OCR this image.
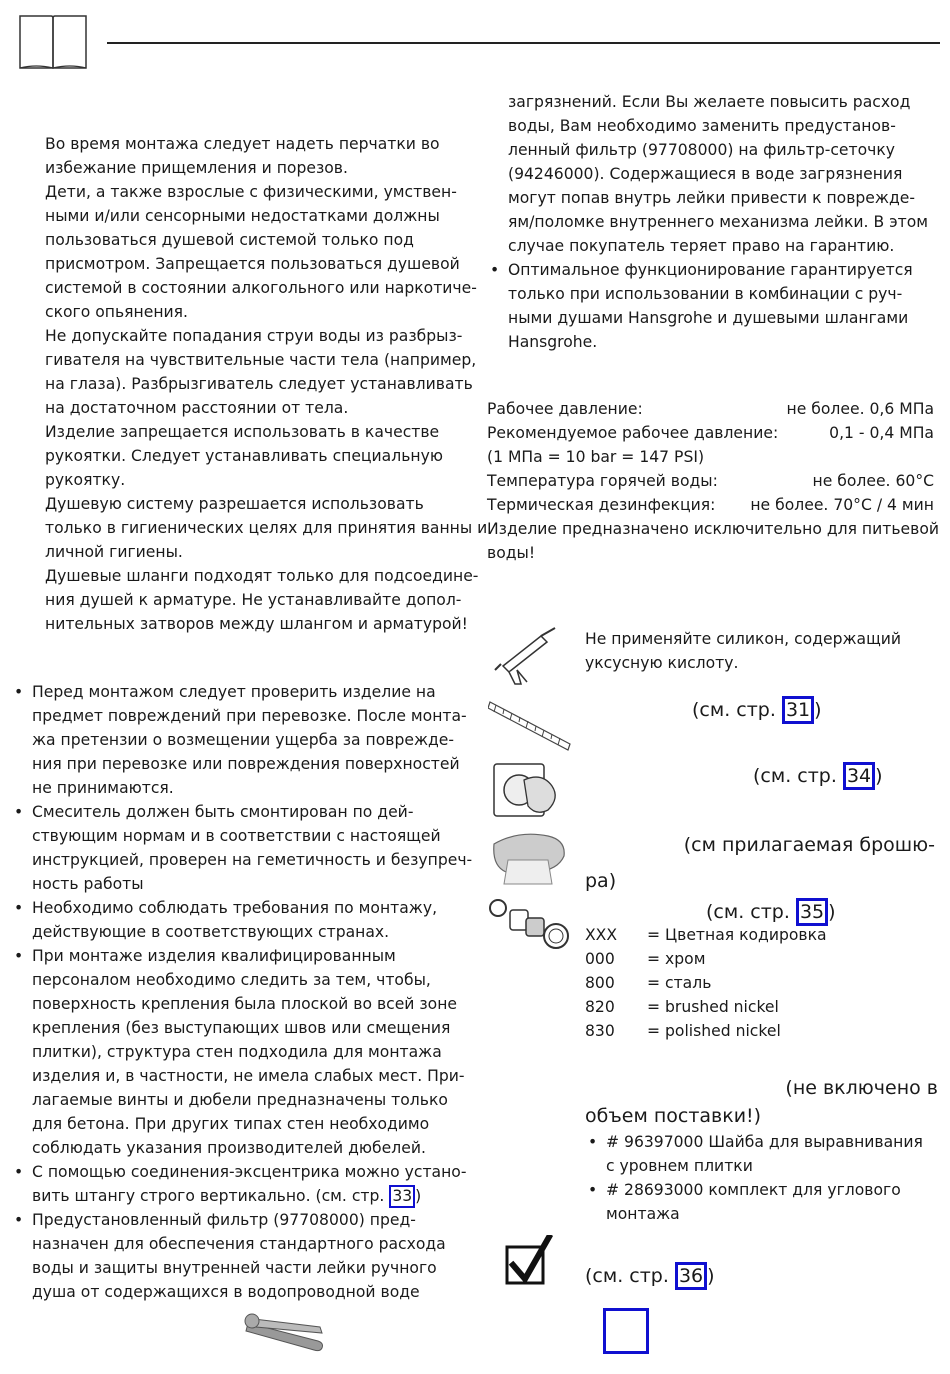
Во время монтажа следует надеть перчатки во
избежание прищемления и порезов.
Дети, а также взрослые с физическими, умствен-
ными и/или сенсорными недостатками должны
пользоваться душевой системой только под
присмотром. Запрещается пользоваться душевой
системой в состоянии алкогольного или наркотиче-
ского опьянения.
Не допускайте попадания струи воды из разбрыз-
гивателя на чувствительные части тела (например,
на глаза). Разбрызгиватель следует устанавливать
на достаточном расстоянии от тела.
Изделие запрещается использовать в качестве
рукоятки. Следует устанавливать специальную
рукоятку.
Душевую систему разрешается использовать
только в гигиенических целях для принятия ванны и
личной гигиены.
Душевые шланги подходят только для подсоедине-
ния душей к арматуре. Не устанавливайте допол-
нительных затворов между шлангом и арматурой!
• Перед монтажом следует проверить изделие на
предмет повреждений при перевозке. После монта-
жа претензии о возмещении ущерба за поврежде-
ния при перевозке или повреждения поверхностей
не принимаются.
• Смеситель должен быть смонтирован по дей-
ствующим нормам и в соответствии с настоящей
инструкцией, проверен на геметичность и безупреч-
ность работы
• Необходимо соблюдать требования по монтажу,
действующие в соответствующих странах.
• При монтаже изделия квалифицированным
персоналом необходимо следить за тем, чтобы,
поверхность крепления была плоской во всей зоне
крепления (без выступающих швов или смещения
плитки), структура стен подходила для монтажа
изделия и, в частности, не имела слабых мест. При-
лагаемые винты и дюбели предназначены только
для бетона. При других типах стен необходимо
соблюдать указания производителей дюбелей.
• С помощью соединения-эксцентрика можно устано-
вить штангу строго вертикально. (см. стр. 33 )
• Предустановленный фильтр (97708000) пред-
назначен для обеспечения стандартного расхода
воды и защиты внутренней части лейки ручного
душа от содержащихся в водопроводной воде
загрязнений. Если Вы желаете повысить расход
воды, Вам необходимо заменить предустанов-
ленный фильтр (97708000) на фильтр-сеточку
(94246000). Содержащиеся в воде загрязнения
могут попав внутрь лейки привести к поврежде-
ям/поломке внутреннего механизма лейки. В этом
случае покупатель теряет право на гарантию.
• Оптимальное функционирование гарантируется
только при использовании в комбинации с руч-
ными душами Hansgrohe и душевыми шлангами
Hansgrohe.
Рабочее давление:	не более. 0,6 МПа
Рекомендуемое рабочее давление:	0,1 - 0,4 МПа
(1 МПа = 10 bar = 147 PSI)
Температура горячей воды:	не более. 60°C
Термическая дезинфекция: не более. 70°C / 4 мин
Изделие предназначено исключительно для питьевой
воды!
Не применяйте силикон, содержащий
уксусную кислоту.
(см. стр. 31 )
(см. стр. 34 )
(см прилагаемая брошю-
ра)
(см. стр. 35 )
XXX	= Цветная кодировка
000	= хром
800	= сталь
820	= brushed nickel
830	= polished nickel
(не включено в
объем поставки!)
• # 96397000 Шайба для выравнивания
с уровнем плитки
• # 28693000 комплект для углового
монтажа
(см. стр. 36 )
